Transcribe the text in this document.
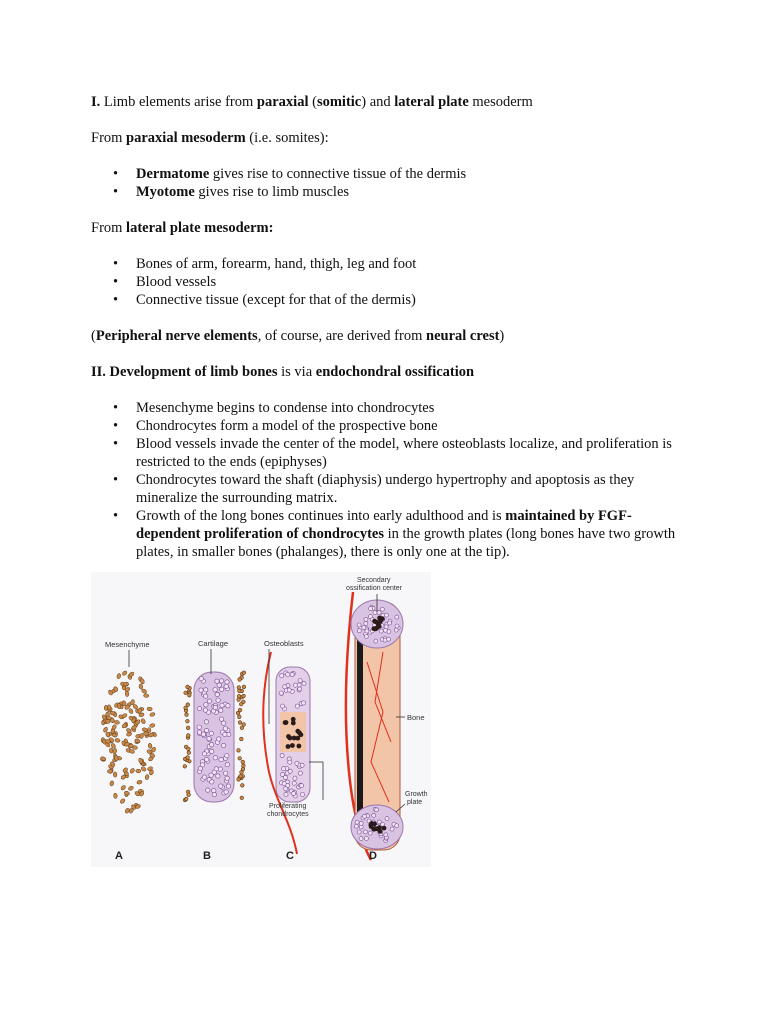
I. Limb elements arise from paraxial (somitic) and lateral plate mesoderm

From paraxial mesoderm (i.e. somites):

• Dermatome gives rise to connective tissue of the dermis
• Myotome gives rise to limb muscles

From lateral plate mesoderm:

• Bones of arm, forearm, hand, thigh, leg and foot
• Blood vessels
• Connective tissue (except for that of the dermis)

(Peripheral nerve elements, of course, are derived from neural crest)

II. Development of limb bones is via endochondral ossification

• Mesenchyme begins to condense into chondrocytes
• Chondrocytes form a model of the prospective bone
• Blood vessels invade the center of the model, where osteoblasts localize, and proliferation is restricted to the ends (epiphyses)
• Chondrocytes toward the shaft (diaphysis) undergo hypertrophy and apoptosis as they mineralize the surrounding matrix.
• Growth of the long bones continues into early adulthood and is maintained by FGF-dependent proliferation of chondrocytes in the growth plates (long bones have two growth plates, in smaller bones (phalanges), there is only one at the tip).
Mesenchyme	Cartilage	Osteoblasts
Proliferating
chondrocytes
Secondary
ossification center
Bone
Growth
plate
A	B	C	D
